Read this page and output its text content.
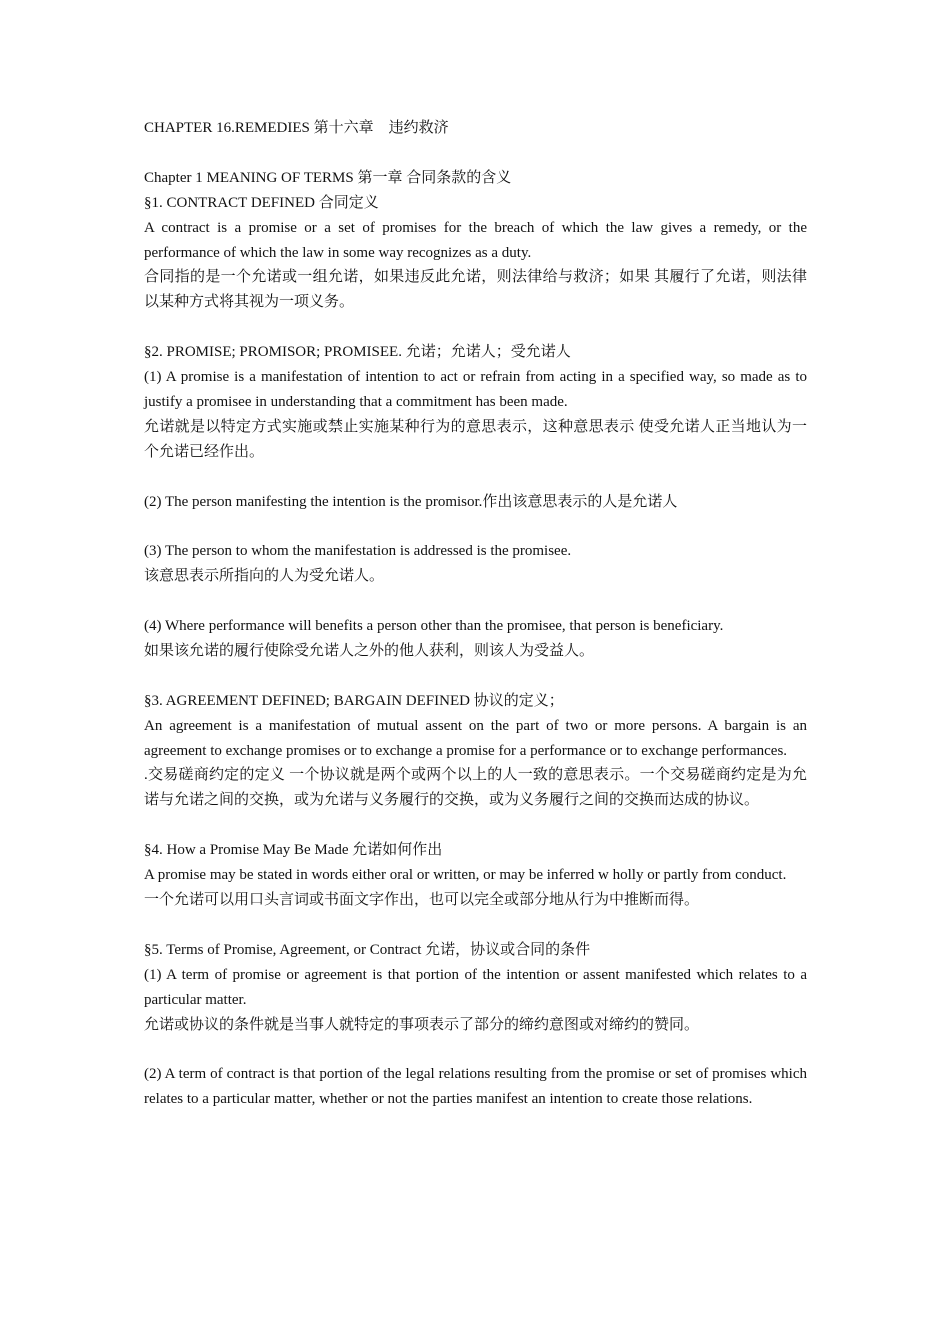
CHAPTER 16.REMEDIES 第十六章　违约救济
Chapter 1 MEANING OF TERMS 第一章 合同条款的含义
§1. CONTRACT DEFINED 合同定义
A contract is a promise or a set of promises for the breach of which the law gives a remedy, or the performance of which the law in some way recognizes as a duty.
合同指的是一个允诺或一组允诺，如果违反此允诺，则法律给与救济；如果 其履行了允诺，则法律以某种方式将其视为一项义务。
§2. PROMISE; PROMISOR; PROMISEE. 允诺；允诺人；受允诺人
(1) A promise is a manifestation of intention to act or refrain from acting in a specified way, so made as to justify a promisee in understanding that a commitment has been made.
允诺就是以特定方式实施或禁止实施某种行为的意思表示，这种意思表示 使受允诺人正当地认为一个允诺已经作出。
(2) The person manifesting the intention is the promisor.作出该意思表示的人是允诺人
(3) The person to whom the manifestation is addressed is the promisee.
该意思表示所指向的人为受允诺人。
(4) Where performance will benefits a person other than the promisee, that person is beneficiary.
如果该允诺的履行使除受允诺人之外的他人获利，则该人为受益人。
§3. AGREEMENT DEFINED; BARGAIN DEFINED 协议的定义；
An agreement is a manifestation of mutual assent on the part of two or more persons. A bargain is an agreement to exchange promises or to exchange a promise for a performance or to exchange performances.
.交易磋商约定的定义 一个协议就是两个或两个以上的人一致的意思表示。一个交易磋商约定是为允诺与允诺之间的交换，或为允诺与义务履行的交换，或为义务履行之间的交换而达成的协议。
§4. How a Promise May Be Made 允诺如何作出
A promise may be stated in words either oral or written, or may be inferred w holly or partly from conduct.
一个允诺可以用口头言词或书面文字作出，也可以完全或部分地从行为中推断而得。
§5. Terms of Promise, Agreement, or Contract 允诺，协议或合同的条件
(1) A term of promise or agreement is that portion of the intention or assent manifested which relates to a particular matter.
允诺或协议的条件就是当事人就特定的事项表示了部分的缔约意图或对缔约的赞同。
(2) A term of contract is that portion of the legal relations resulting from the promise or set of promises which relates to a particular matter, whether or not the parties manifest an intention to create those relations.
